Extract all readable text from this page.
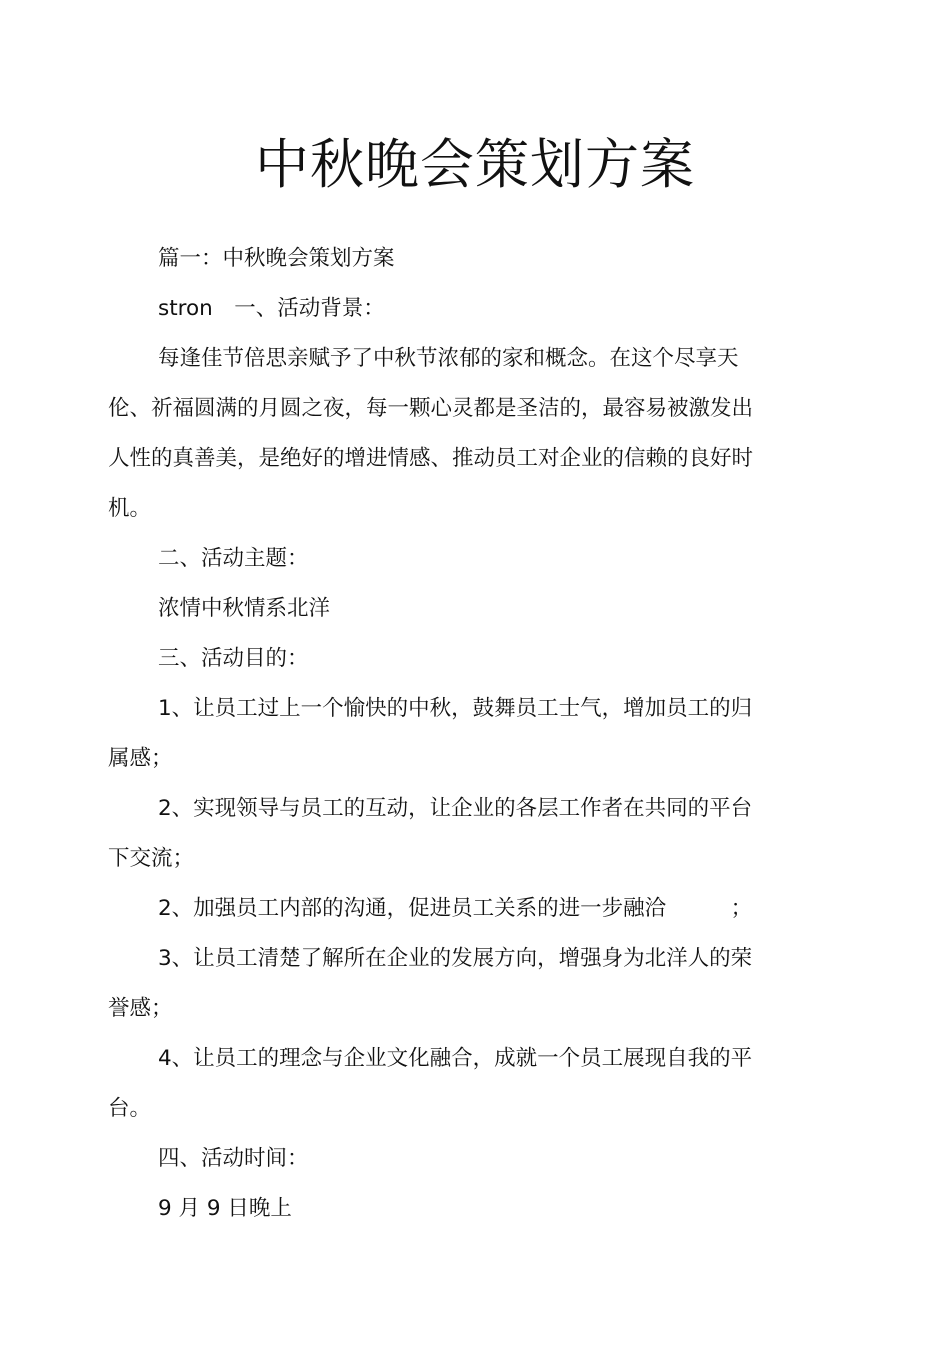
中秋晚会策划方案

篇一：中秋晚会策划方案

stron　一、活动背景：

每逢佳节倍思亲赋予了中秋节浓郁的家和概念。在这个尽享天伦、祈福圆满的月圆之夜，每一颗心灵都是圣洁的，最容易被激发出人性的真善美，是绝好的增进情感、推动员工对企业的信赖的良好时机。

二、活动主题：

浓情中秋情系北洋

三、活动目的：

1、让员工过上一个愉快的中秋，鼓舞员工士气，增加员工的归属感；

2、实现领导与员工的互动，让企业的各层工作者在共同的平台下交流；

2、加强员工内部的沟通，促进员工关系的进一步融洽　　　；

3、让员工清楚了解所在企业的发展方向，增强身为北洋人的荣誉感；

4、让员工的理念与企业文化融合，成就一个员工展现自我的平台。

四、活动时间：

9 月 9 日晚上
